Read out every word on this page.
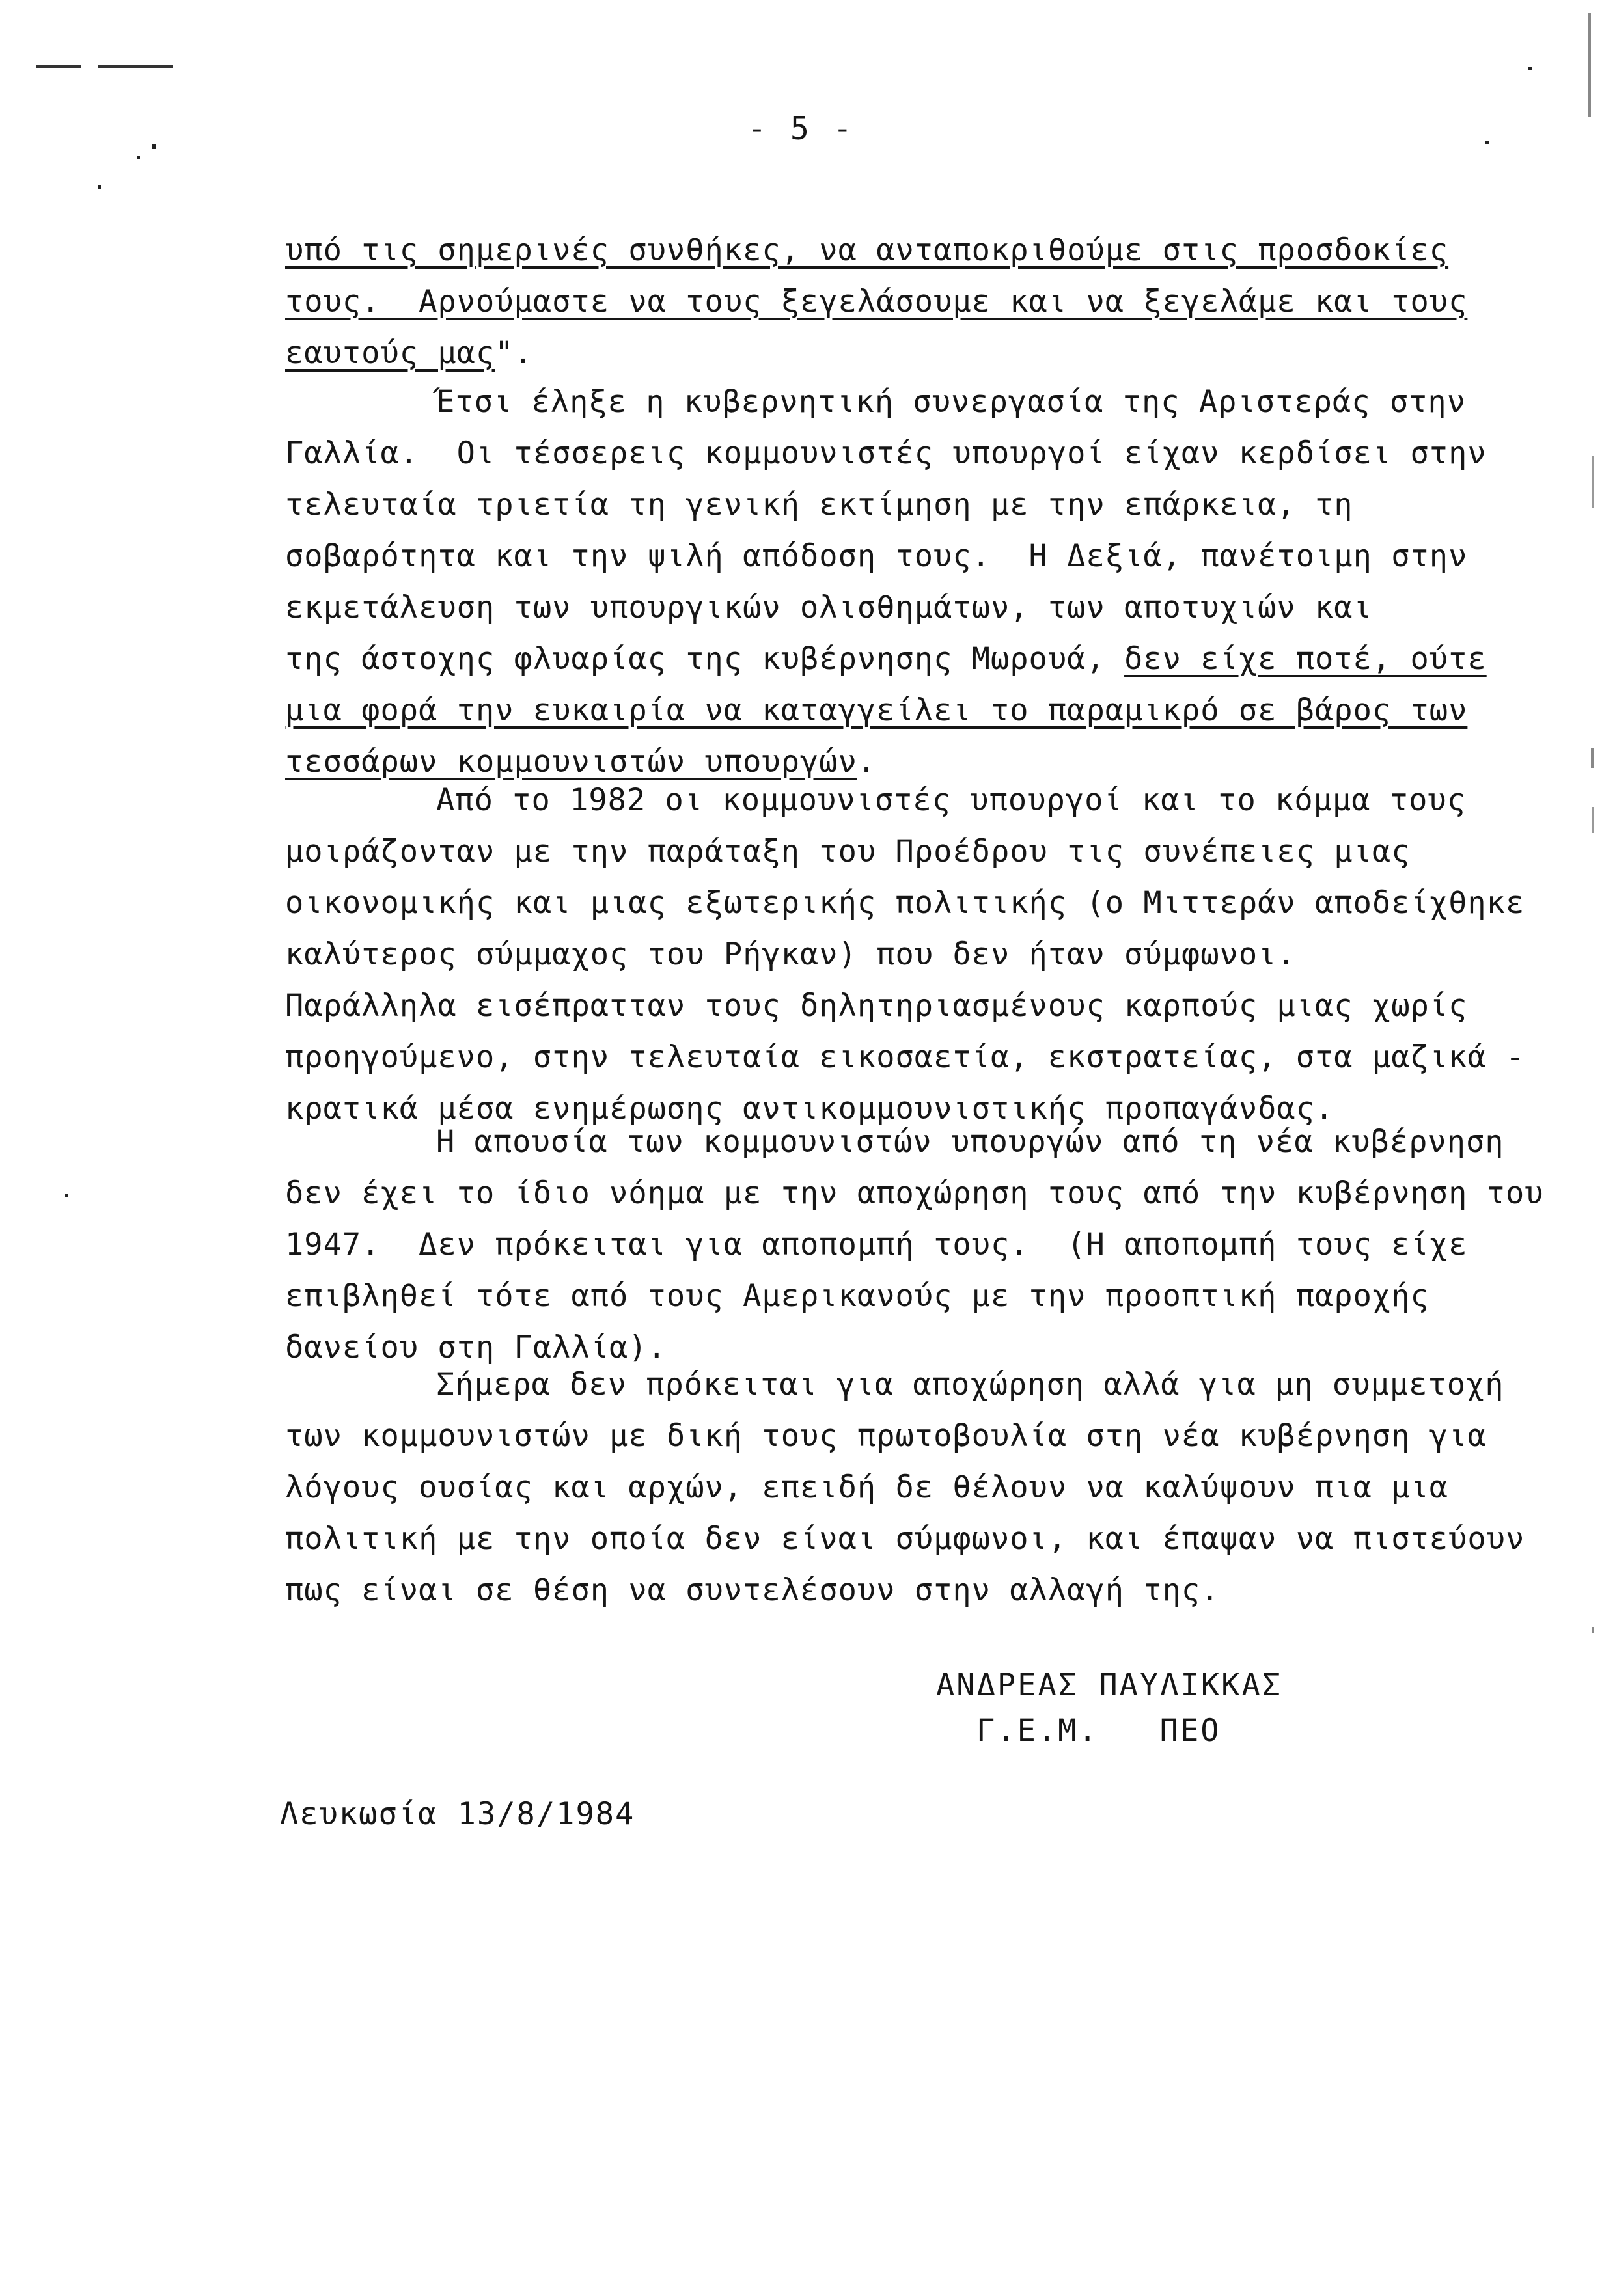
- 5 -
υπό τις σημερινές συνθήκες, να ανταποκριθούμε στις προσδοκίες
τους.  Αρνούμαστε να τους ξεγελάσουμε και να ξεγελάμε και τους
εαυτούς μας".
Έτσι έληξε η κυβερνητική συνεργασία της Αριστεράς στην
Γαλλία.  Οι τέσσερεις κομμουνιστές υπουργοί είχαν κερδίσει στην
τελευταία τριετία τη γενική εκτίμηση με την επάρκεια, τη
σοβαρότητα και την ψιλή απόδοση τους.  Η Δεξιά, πανέτοιμη στην
εκμετάλευση των υπουργικών ολισθημάτων, των αποτυχιών και
της άστοχης φλυαρίας της κυβέρνησης Μωρουά, δεν είχε ποτέ, ούτε
μια φορά την ευκαιρία να καταγγείλει το παραμικρό σε βάρος των
τεσσάρων κομμουνιστών υπουργών.
Από το 1982 οι κομμουνιστές υπουργοί και το κόμμα τους
μοιράζονταν με την παράταξη του Προέδρου τις συνέπειες μιας
οικονομικής και μιας εξωτερικής πολιτικής (ο Μιττεράν αποδείχθηκε
καλύτερος σύμμαχος του Ρήγκαν) που δεν ήταν σύμφωνοι.
Παράλληλα εισέπρατταν τους δηλητηριασμένους καρπούς μιας χωρίς
προηγούμενο, στην τελευταία εικοσαετία, εκστρατείας, στα μαζικά -
κρατικά μέσα ενημέρωσης αντικομμουνιστικής προπαγάνδας.
Η απουσία των κομμουνιστών υπουργών από τη νέα κυβέρνηση
δεν έχει το ίδιο νόημα με την αποχώρηση τους από την κυβέρνηση του
1947.  Δεν πρόκειται για αποπομπή τους.  (Η αποπομπή τους είχε
επιβληθεί τότε από τους Αμερικανούς με την προοπτική παροχής
δανείου στη Γαλλία).
Σήμερα δεν πρόκειται για αποχώρηση αλλά για μη συμμετοχή
των κομμουνιστών με δική τους πρωτοβουλία στη νέα κυβέρνηση για
λόγους ουσίας και αρχών, επειδή δε θέλουν να καλύψουν πια μια
πολιτική με την οποία δεν είναι σύμφωνοι, και έπαψαν να πιστεύουν
πως είναι σε θέση να συντελέσουν στην αλλαγή της.
ΑΝΔΡΕΑΣ ΠΑΥΛΙΚΚΑΣ
Γ.Ε.Μ.   ΠΕΟ
Λευκωσία 13/8/1984
